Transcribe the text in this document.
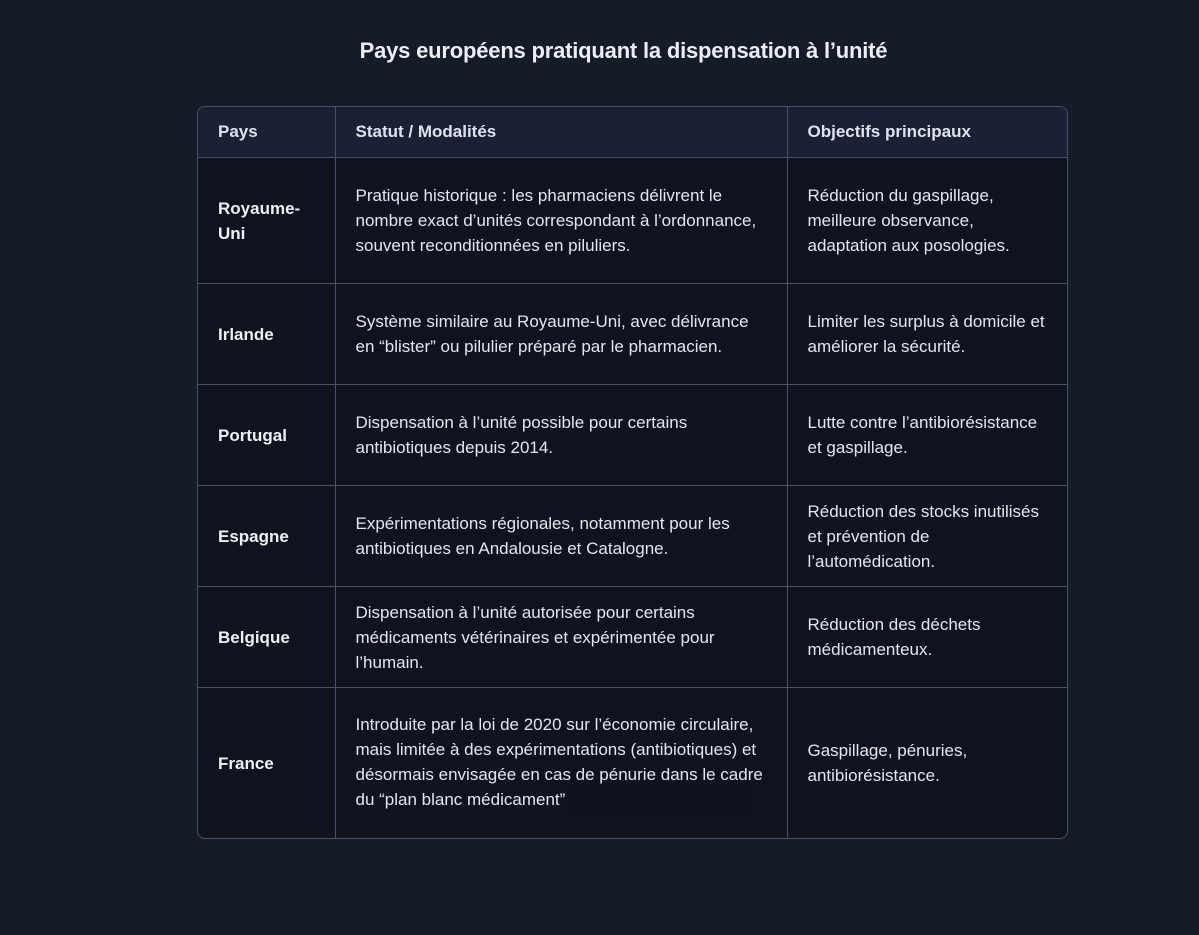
Pays européens pratiquant la dispensation à l’unité
Pays	Statut / Modalités	Objectifs principaux
Royaume-Uni	Pratique historique : les pharmaciens délivrent le nombre exact d’unités correspondant à l’ordonnance, souvent reconditionnées en piluliers.	Réduction du gaspillage, meilleure observance, adaptation aux posologies.
Irlande	Système similaire au Royaume-Uni, avec délivrance en “blister” ou pilulier préparé par le pharmacien.	Limiter les surplus à domicile et améliorer la sécurité.
Portugal	Dispensation à l’unité possible pour certains antibiotiques depuis 2014.	Lutte contre l’antibiorésistance et gaspillage.
Espagne	Expérimentations régionales, notamment pour les antibiotiques en Andalousie et Catalogne.	Réduction des stocks inutilisés et prévention de l’automédication.
Belgique	Dispensation à l’unité autorisée pour certains médicaments vétérinaires et expérimentée pour l’humain.	Réduction des déchets médicamenteux.
France	Introduite par la loi de 2020 sur l’économie circulaire, mais limitée à des expérimentations (antibiotiques) et désormais envisagée en cas de pénurie dans le cadre du “plan blanc médicament”	Gaspillage, pénuries, antibiorésistance.
